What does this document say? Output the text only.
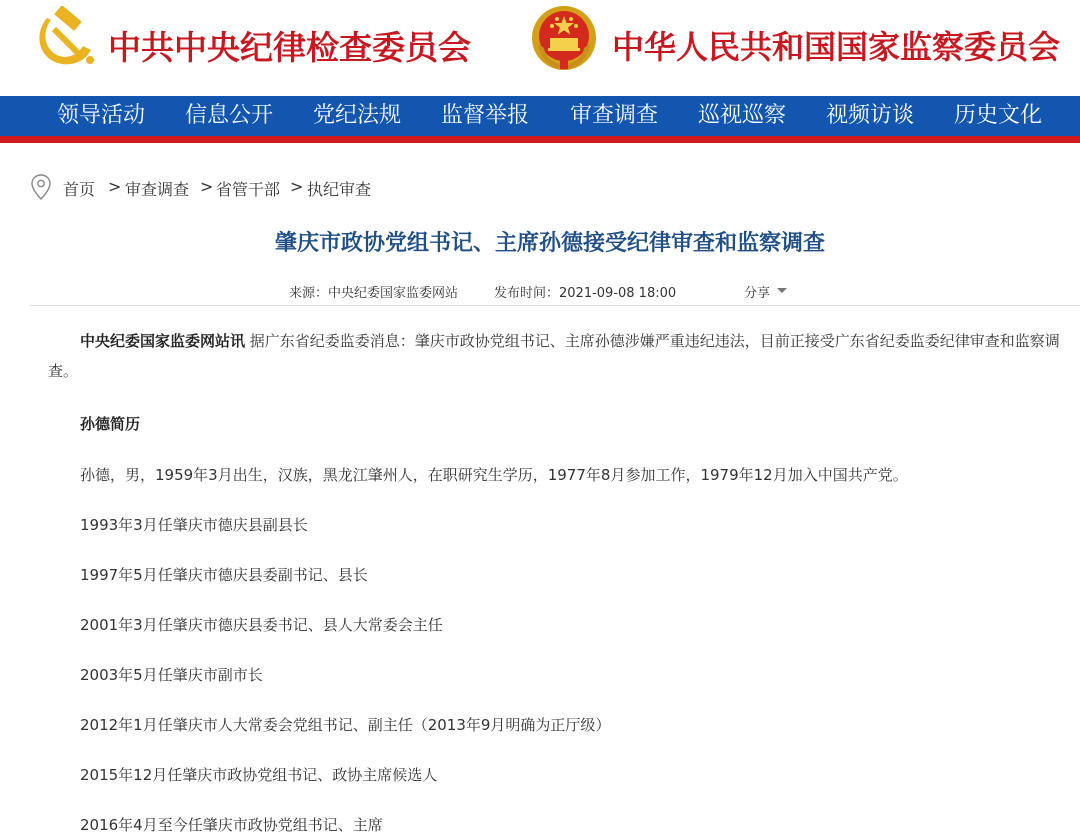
中共中央纪律检查委员会	中华人民共和国国家监察委员会
领导活动 信息公开 党纪法规 监督举报 审查调查 巡视巡察 视频访谈 历史文化
首页 > 审查调查 > 省管干部 > 执纪审查
肇庆市政协党组书记、主席孙德接受纪律审查和监察调查
来源：中央纪委国家监委网站	发布时间：2021-09-08 18:00	分享
中央纪委国家监委网站讯 据广东省纪委监委消息：肇庆市政协党组书记、主席孙德涉嫌严重违纪违法，目前正接受广东省纪委监委纪律审查和监察调查。
孙德简历
孙德，男，1959年3月出生，汉族，黑龙江肇州人，在职研究生学历，1977年8月参加工作，1979年12月加入中国共产党。
1993年3月任肇庆市德庆县副县长
1997年5月任肇庆市德庆县委副书记、县长
2001年3月任肇庆市德庆县委书记、县人大常委会主任
2003年5月任肇庆市副市长
2012年1月任肇庆市人大常委会党组书记、副主任（2013年9月明确为正厅级）
2015年12月任肇庆市政协党组书记、政协主席候选人
2016年4月至今任肇庆市政协党组书记、主席
